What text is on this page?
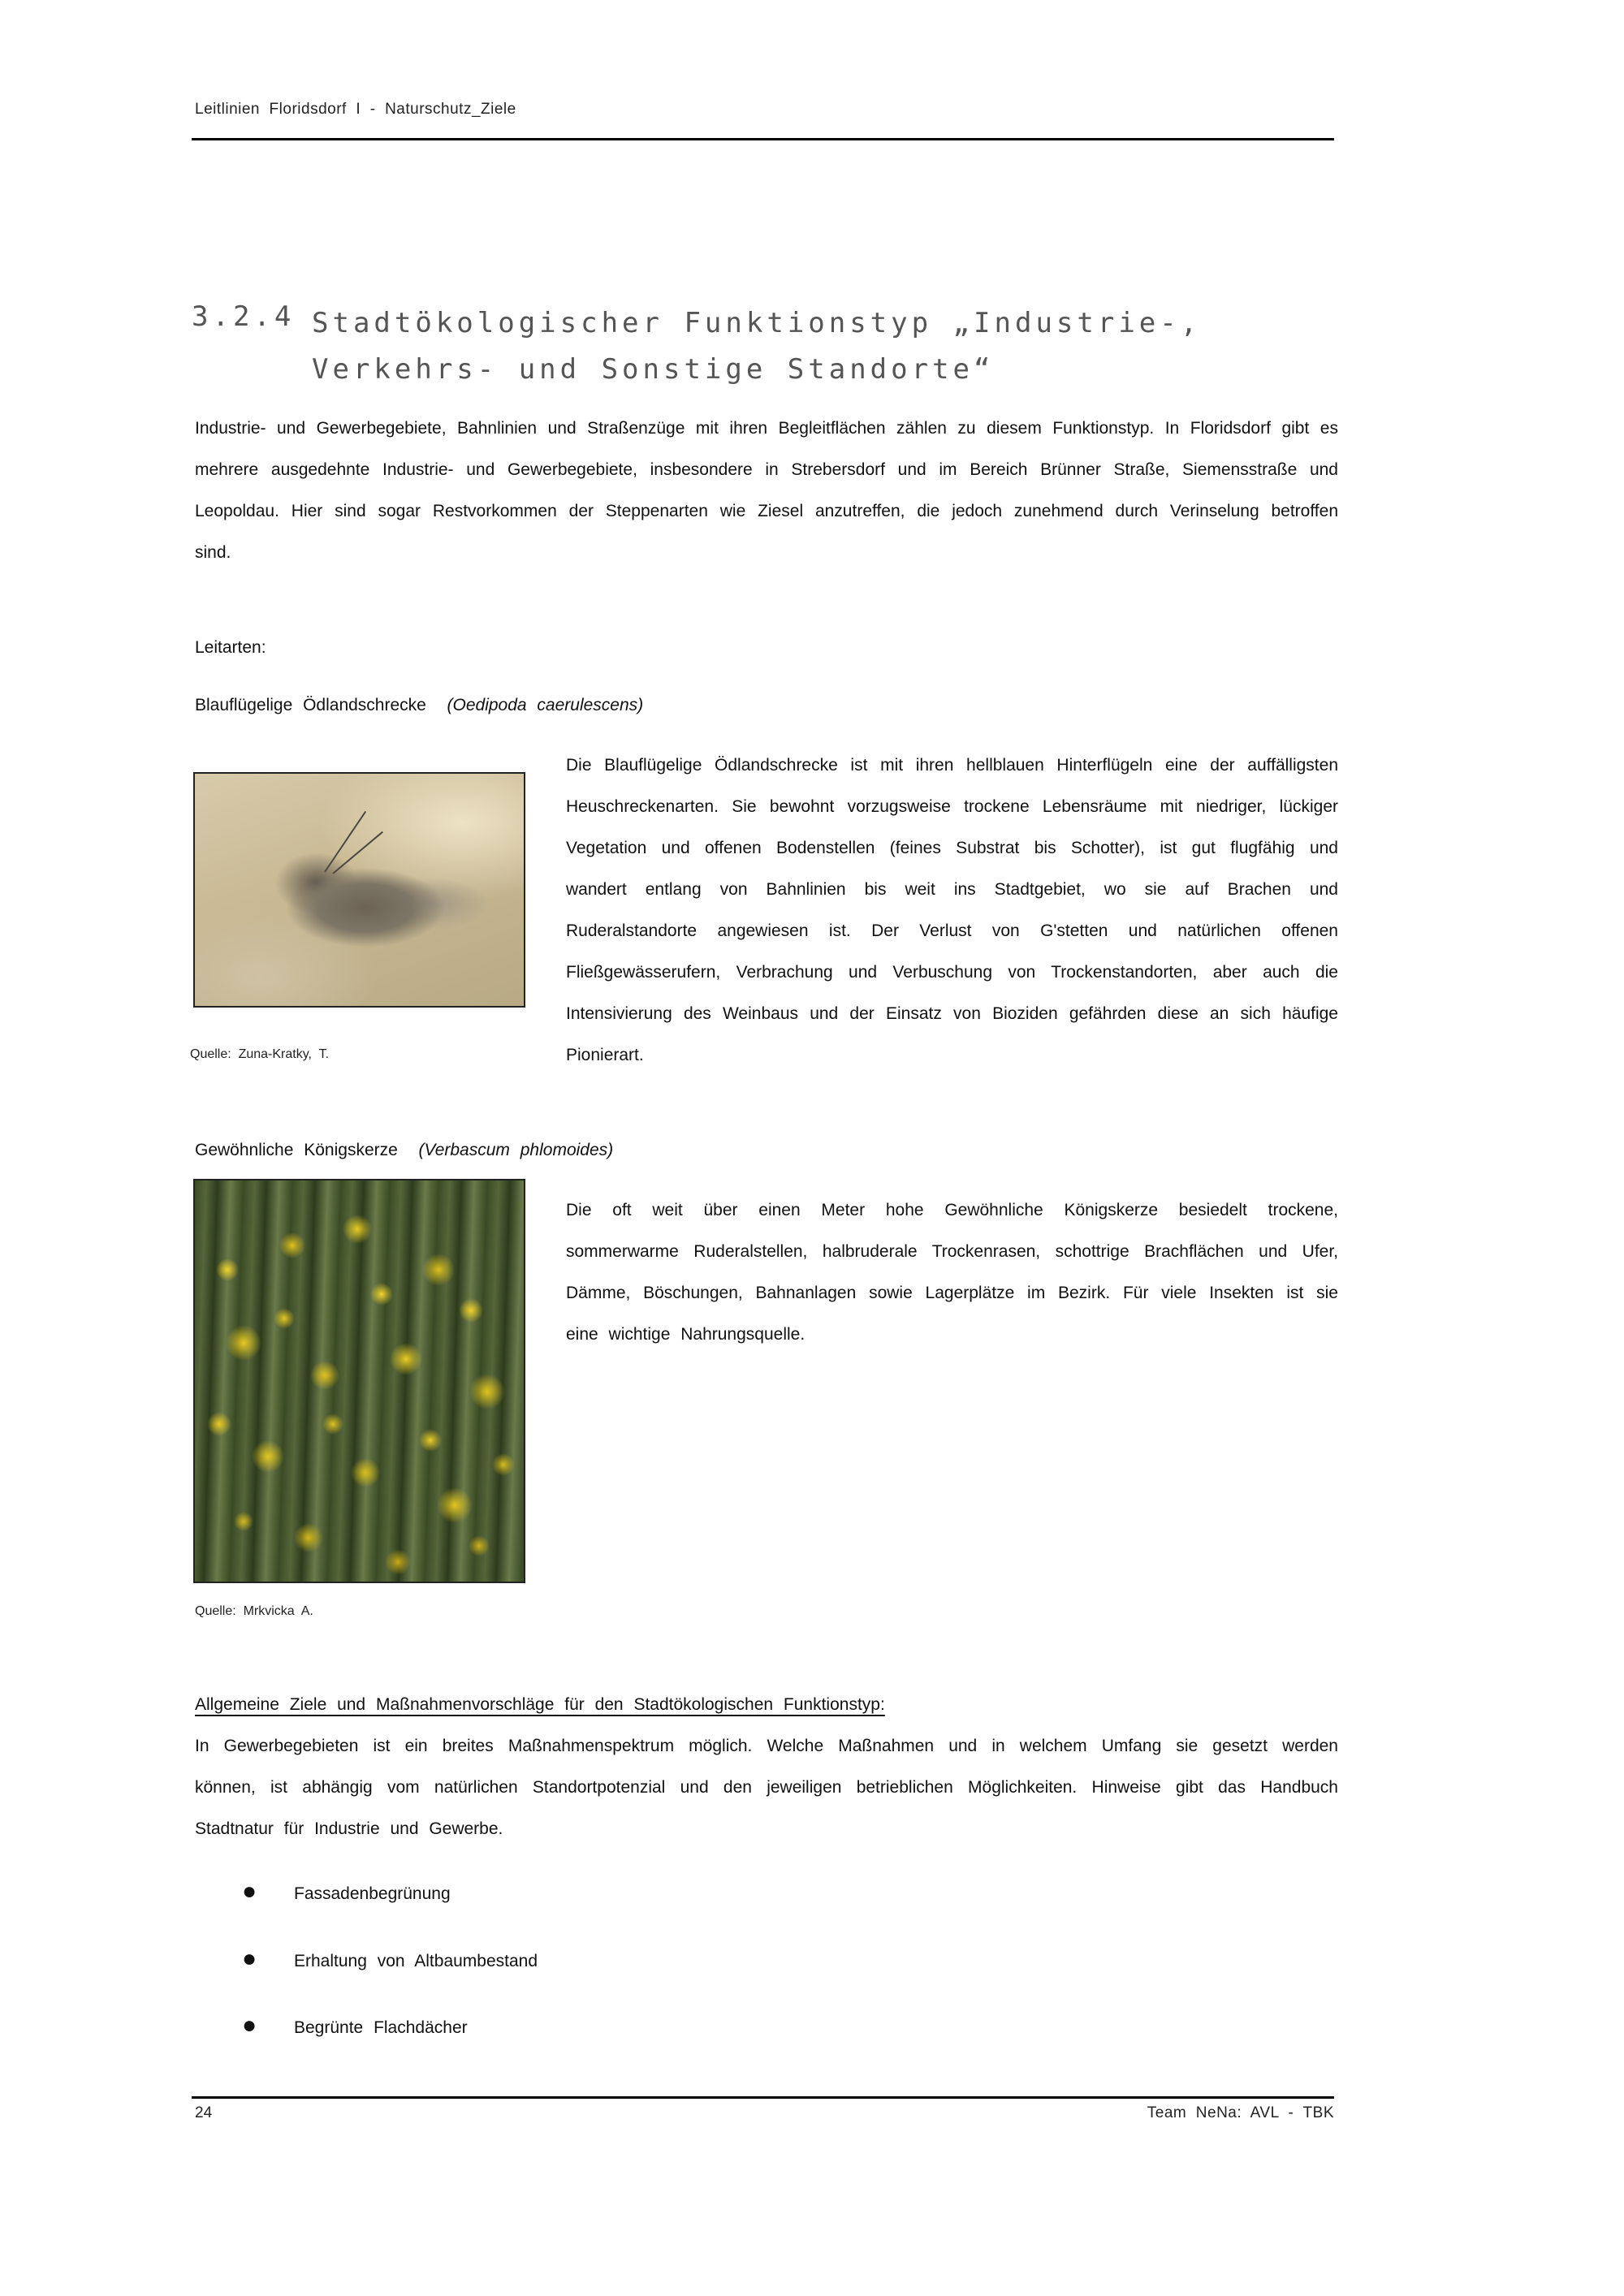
Leitlinien  Floridsdorf  I  -  Naturschutz_Ziele
3.2.4 Stadtökologischer Funktionstyp „Industrie-, Verkehrs- und Sonstige Standorte“

Industrie- und Gewerbegebiete, Bahnlinien und Straßenzüge mit ihren Begleitflächen zählen zu diesem Funktionstyp. In Floridsdorf gibt es mehrere ausgedehnte Industrie- und Gewerbegebiete, insbesondere in Strebersdorf und im Bereich Brünner Straße, Siemensstraße und Leopoldau. Hier sind sogar Restvorkommen der Steppenarten wie Ziesel anzutreffen, die jedoch zunehmend durch Verinselung betroffen sind.

Leitarten:
Blauflügelige Ödlandschrecke (Oedipoda caerulescens)
Quelle:  Zuna-Kratky,  T.

Die Blauflügelige Ödlandschrecke ist mit ihren hellblauen Hinterflügeln eine der auffälligsten Heuschreckenarten. Sie bewohnt vorzugsweise trockene Lebensräume mit niedriger, lückiger Vegetation und offenen Bodenstellen (feines Substrat bis Schotter), ist gut flugfähig und wandert entlang von Bahnlinien bis weit ins Stadtgebiet, wo sie auf Brachen und Ruderalstandorte angewiesen ist. Der Verlust von G'stetten und natürlichen offenen Fließgewässerufern, Verbrachung und Verbuschung von Trockenstandorten, aber auch die Intensivierung des Weinbaus und der Einsatz von Bioziden gefährden diese an sich häufige Pionierart.

Gewöhnliche Königskerze (Verbascum phlomoides)
Quelle:  Mrkvicka  A.

Die oft weit über einen Meter hohe Gewöhnliche Königskerze besiedelt trockene, sommerwarme Ruderalstellen, halbruderale Trockenrasen, schottrige Brachflächen und Ufer, Dämme, Böschungen, Bahnanlagen sowie Lagerplätze im Bezirk. Für viele Insekten ist sie eine wichtige Nahrungsquelle.

Allgemeine Ziele und Maßnahmenvorschläge für den Stadtökologischen Funktionstyp:

In Gewerbegebieten ist ein breites Maßnahmenspektrum möglich. Welche Maßnahmen und in welchem Umfang sie gesetzt werden können, ist abhängig vom natürlichen Standortpotenzial und den jeweiligen betrieblichen Möglichkeiten. Hinweise gibt das Handbuch Stadtnatur für Industrie und Gewerbe.

● Fassadenbegrünung
● Erhaltung von Altbaumbestand
● Begrünte Flachdächer
24	Team  NeNa:  AVL  -  TBK
